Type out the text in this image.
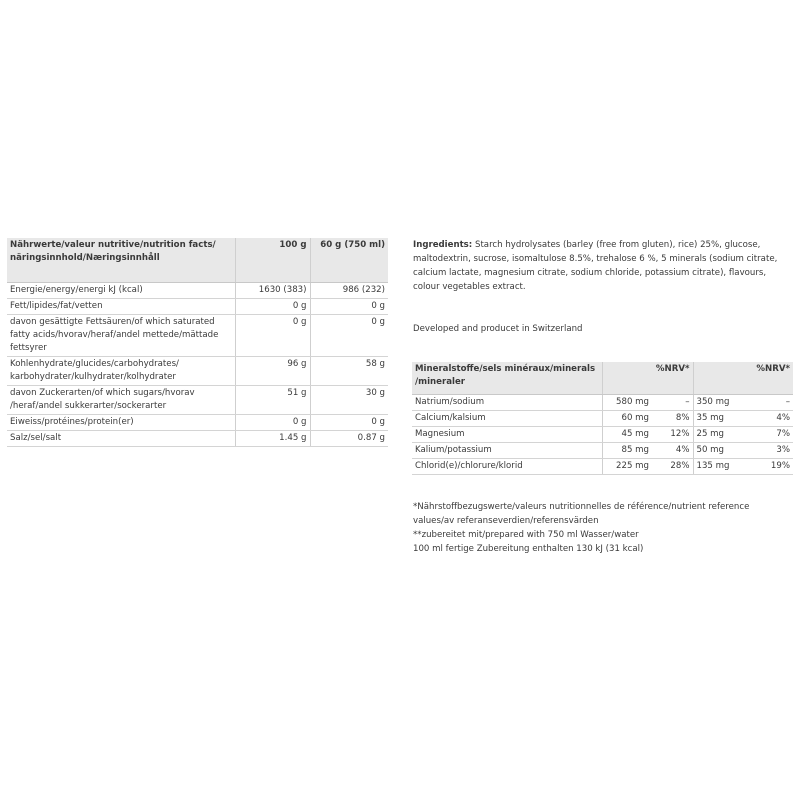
Nährwerte/valeur nutritive/nutrition facts/ näringsinnhold/Næringsinnhåll	100 g	60 g (750 ml)
Energie/energy/energi kJ (kcal)	1630 (383)	986 (232)
Fett/lipides/fat/vetten	0 g	0 g
davon gesättigte Fettsäuren/of which saturated fatty acids/hvorav/heraf/andel mettede/mättade fettsyrer	0 g	0 g
Kohlenhydrate/glucides/carbohydrates/ karbohydrater/kulhydrater/kolhydrater	96 g	58 g
davon Zuckerarten/of which sugars/hvorav /heraf/andel sukkerarter/sockerarter	51 g	30 g
Eiweiss/protéines/protein(er)	0 g	0 g
Salz/sel/salt	1.45 g	0.87 g
Ingredients: Starch hydrolysates (barley (free from gluten), rice) 25%, glucose, maltodextrin, sucrose, isomaltulose 8.5%, trehalose 6 %, 5 minerals (sodium citrate, calcium lactate, magnesium citrate, sodium chloride, potassium citrate), flavours, colour vegetables extract.
Developed and producet in Switzerland
Mineralstoffe/sels minéraux/minerals /mineraler		%NRV*		%NRV*
Natrium/sodium	580 mg	–	350 mg	–
Calcium/kalsium	60 mg	8%	35 mg	4%
Magnesium	45 mg	12%	25 mg	7%
Kalium/potassium	85 mg	4%	50 mg	3%
Chlorid(e)/chlorure/klorid	225 mg	28%	135 mg	19%
*Nährstoffbezugswerte/valeurs nutritionnelles de référence/nutrient reference values/av referanseverdien/referensvärden
**zubereitet mit/prepared with 750 ml Wasser/water
100 ml fertige Zubereitung enthalten 130 kJ (31 kcal)
